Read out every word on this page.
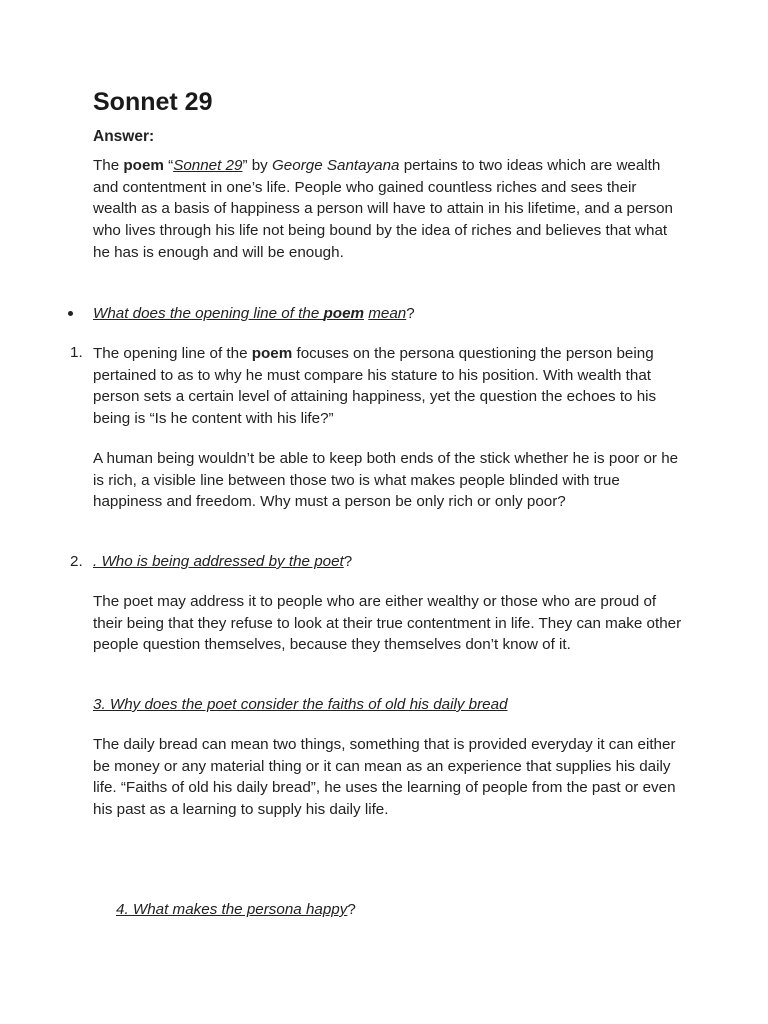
Sonnet 29
Answer:

The poem “Sonnet 29” by George Santayana pertains to two ideas which are wealth and contentment in one’s life. People who gained countless riches and sees their wealth as a basis of happiness a person will have to attain in his lifetime, and a person who lives through his life not being bound by the idea of riches and believes that what he has is enough and will be enough.

What does the opening line of the poem mean?

1. The opening line of the poem focuses on the persona questioning the person being pertained to as to why he must compare his stature to his position. With wealth that person sets a certain level of attaining happiness, yet the question the echoes to his being is “Is he content with his life?”

A human being wouldn’t be able to keep both ends of the stick whether he is poor or he is rich, a visible line between those two is what makes people blinded with true happiness and freedom. Why must a person be only rich or only poor?

2. . Who is being addressed by the poet?

The poet may address it to people who are either wealthy or those who are proud of their being that they refuse to look at their true contentment in life. They can make other people question themselves, because they themselves don’t know of it.

3. Why does the poet consider the faiths of old his daily bread

The daily bread can mean two things, something that is provided everyday it can either be money or any material thing or it can mean as an experience that supplies his daily life. “Faiths of old his daily bread”, he uses the learning of people from the past or even his past as a learning to supply his daily life.

4. What makes the persona happy?
